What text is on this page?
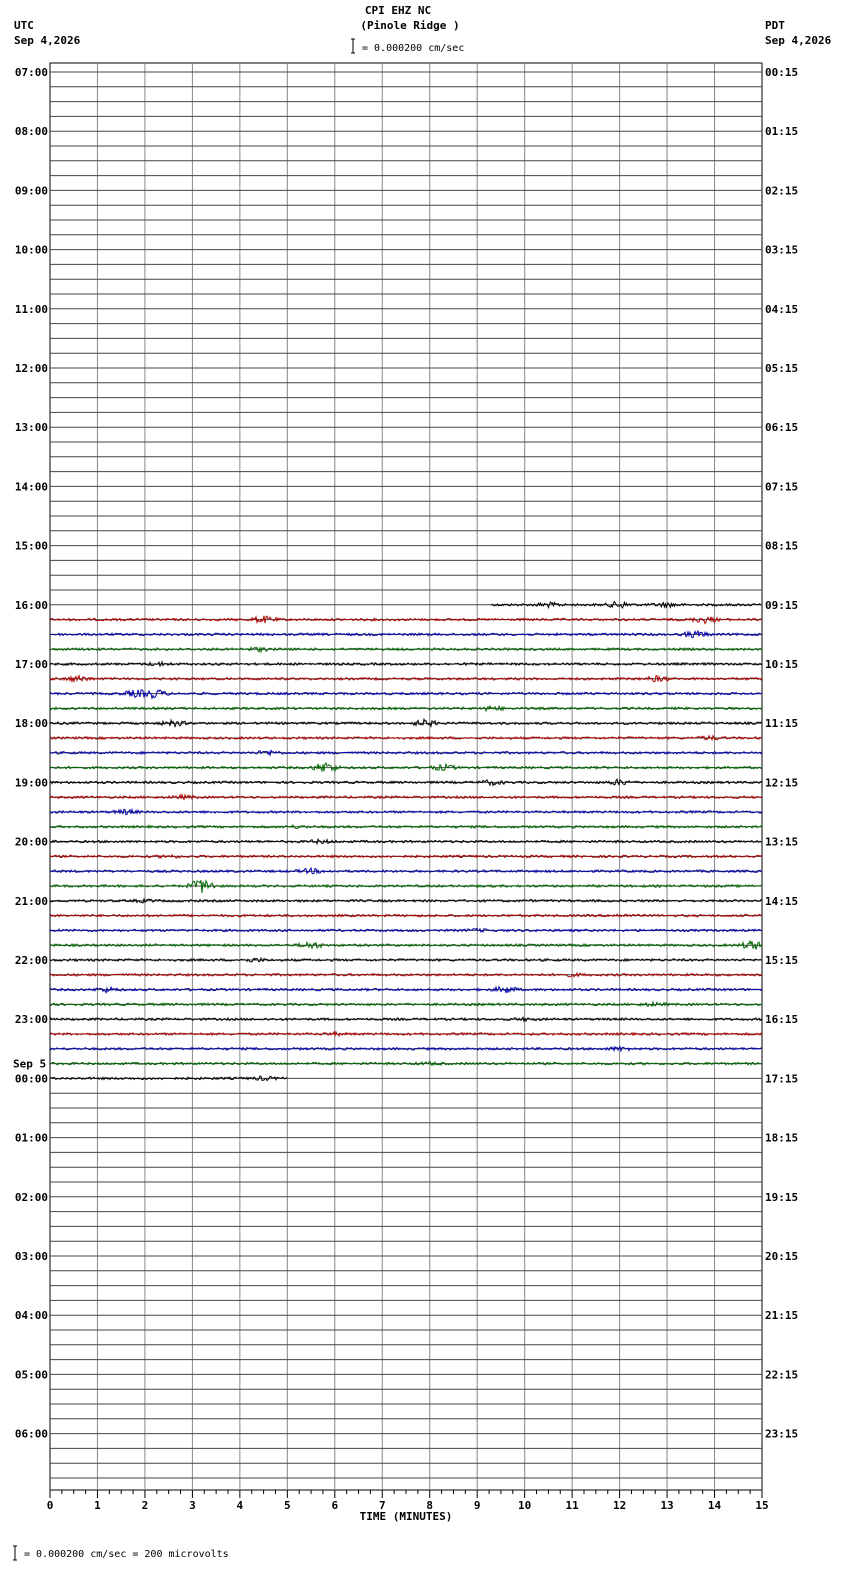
CPI EHZ NC
(Pinole Ridge )
UTC
Sep 4,2026
PDT
Sep 4,2026
= 0.000200 cm/sec
= 0.000200 cm/sec = 200 microvolts
07:00
08:00
09:00
10:00
11:00
12:00
13:00
14:00
15:00
16:00
17:00
18:00
19:00
20:00
21:00
22:00
23:00
00:00
01:00
02:00
03:00
04:00
05:00
06:00
00:15
01:15
02:15
03:15
04:15
05:15
06:15
07:15
08:15
09:15
10:15
11:15
12:15
13:15
14:15
15:15
16:15
17:15
18:15
19:15
20:15
21:15
22:15
23:15
Sep 5
0	1	2	3	4	5	6	7	8	9	10	11	12	13	14	15
TIME (MINUTES)
